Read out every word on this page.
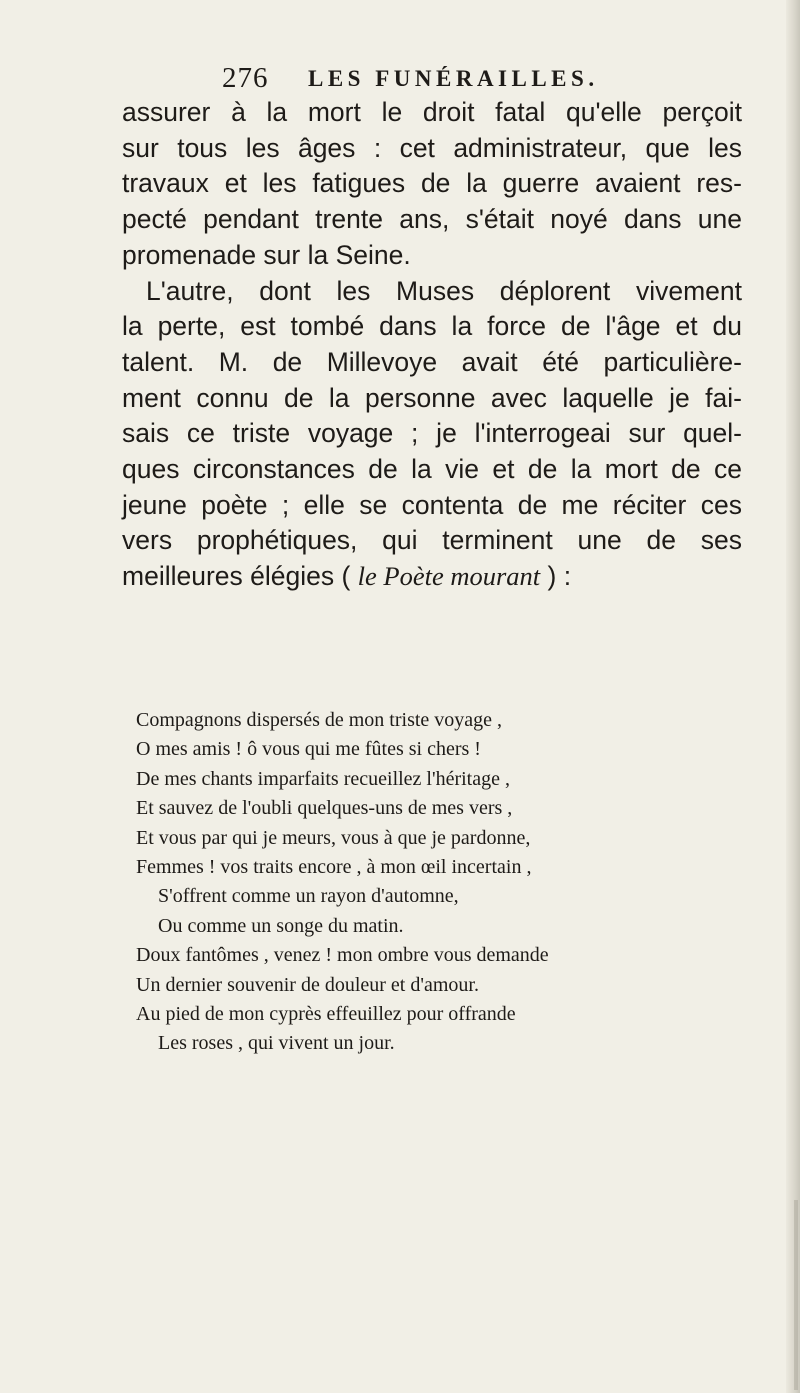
276 LES FUNÉRAILLES.
assurer à la mort le droit fatal qu'elle perçoit
sur tous les âges : cet administrateur, que les
travaux et les fatigues de la guerre avaient res-
pecté pendant trente ans, s'était noyé dans une
promenade sur la Seine.
L'autre, dont les Muses déplorent vivement
la perte, est tombé dans la force de l'âge et du
talent. M. de Millevoye avait été particulière-
ment connu de la personne avec laquelle je fai-
sais ce triste voyage ; je l'interrogeai sur quel-
ques circonstances de la vie et de la mort de ce
jeune poète ; elle se contenta de me réciter ces
vers prophétiques, qui terminent une de ses
meilleures élégies ( le Poète mourant ) :
Compagnons dispersés de mon triste voyage ,
O mes amis ! ô vous qui me fûtes si chers !
De mes chants imparfaits recueillez l'héritage ,
Et sauvez de l'oubli quelques-uns de mes vers ,
Et vous par qui je meurs, vous à que je pardonne,
Femmes ! vos traits encore , à mon œil incertain ,
S'offrent comme un rayon d'automne,
Ou comme un songe du matin.
Doux fantômes , venez ! mon ombre vous demande
Un dernier souvenir de douleur et d'amour.
Au pied de mon cyprès effeuillez pour offrande
Les roses , qui vivent un jour.
